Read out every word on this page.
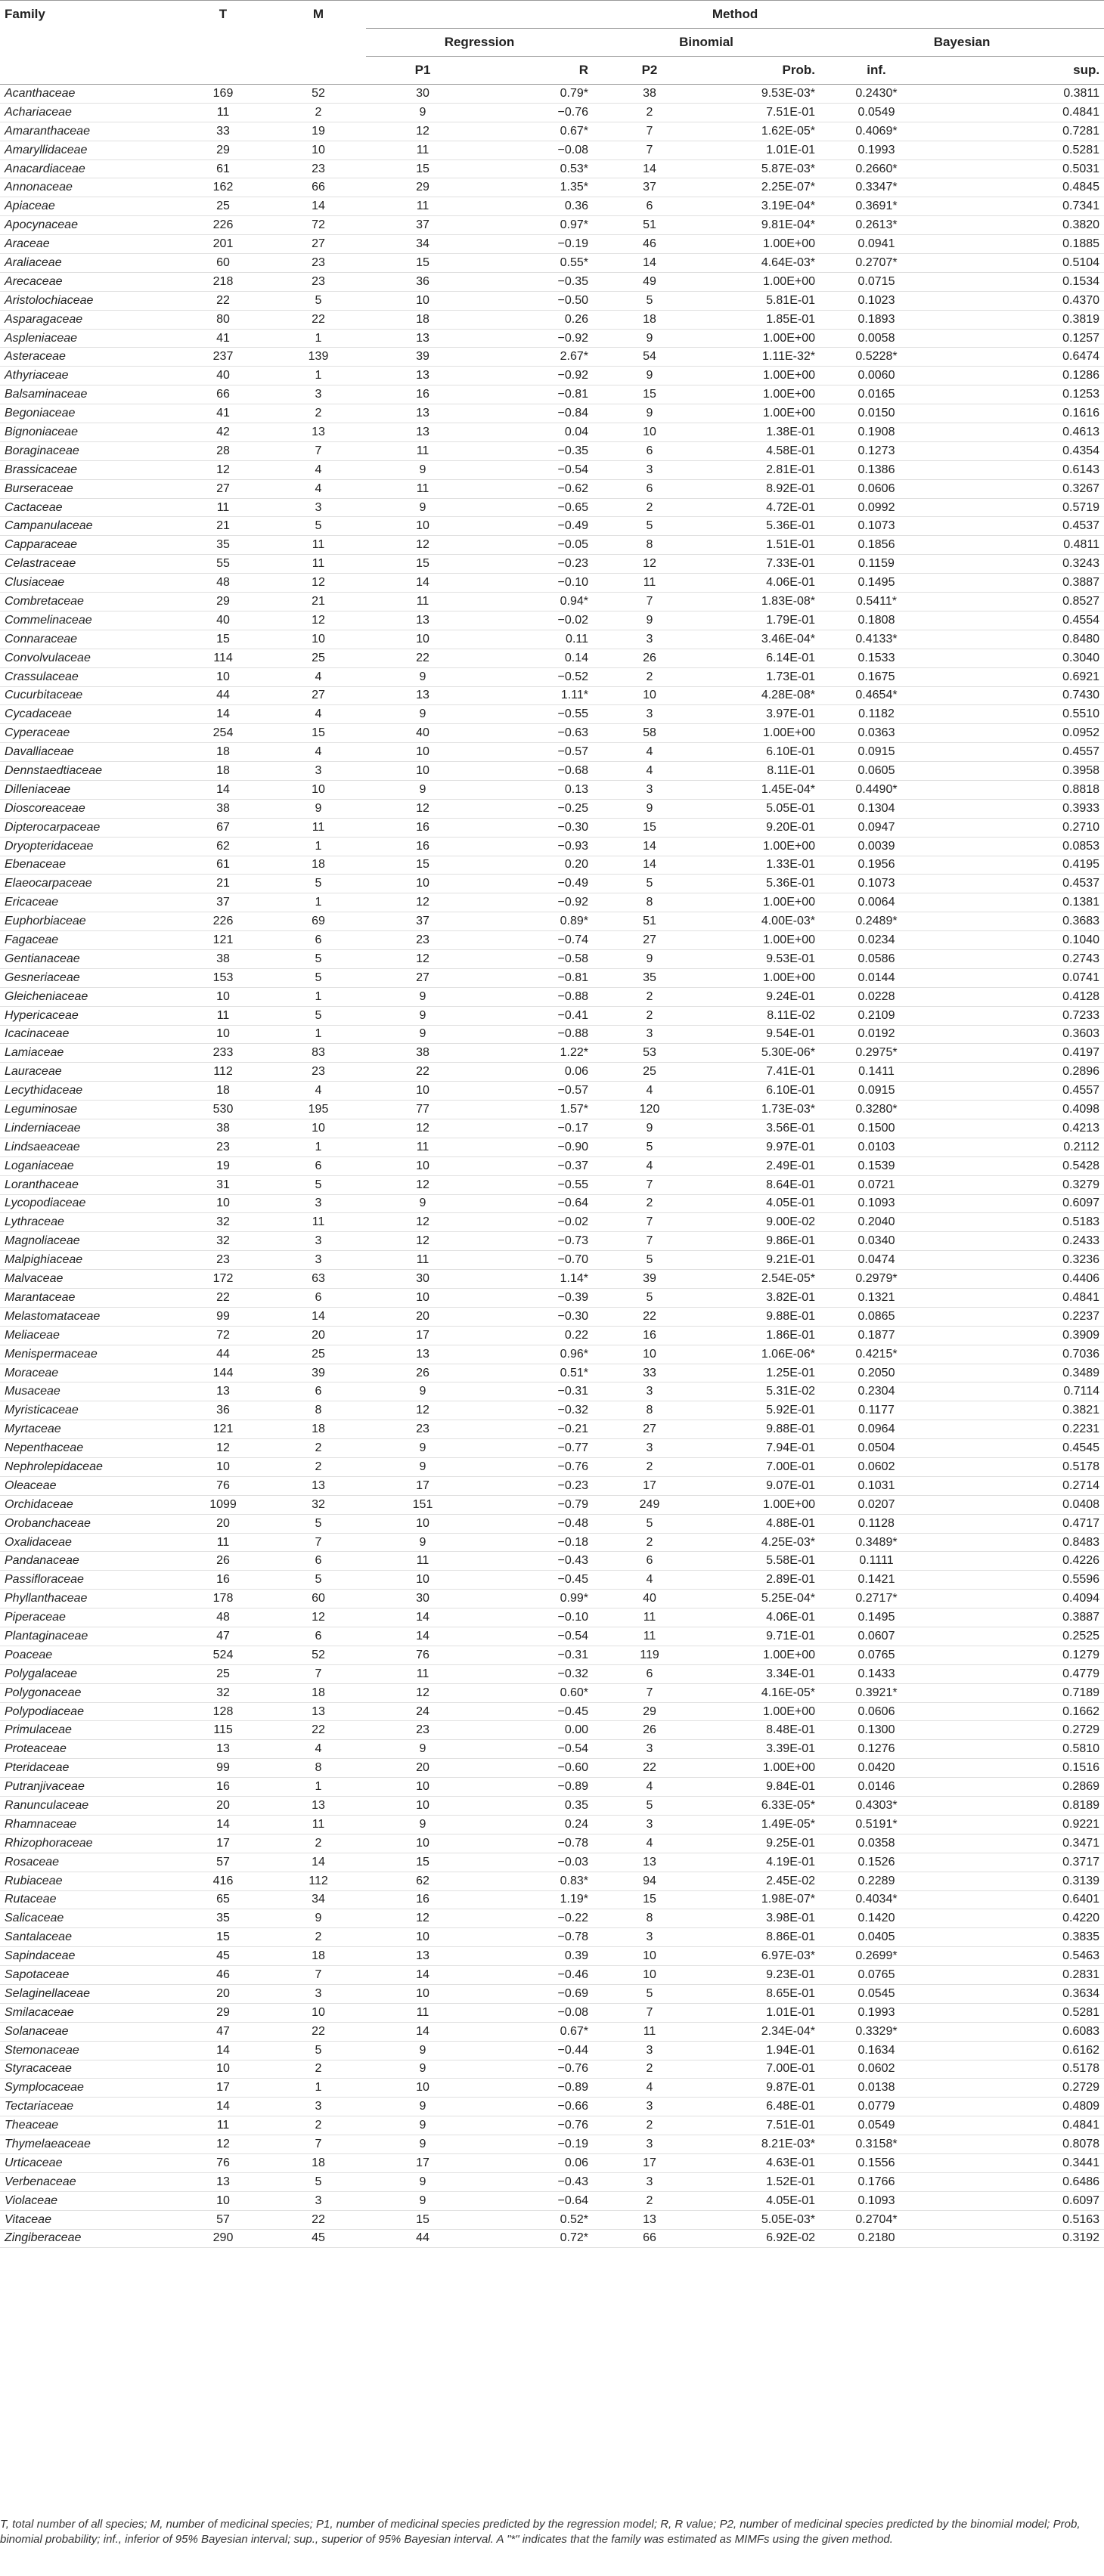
Family	T	M	Method					
			Regression		Binomial		Bayesian	
			P1	R	P2	Prob.	inf.	sup.
Acanthaceae	169	52	30	0.79*	38	9.53E-03*	0.2430*	0.3811
Achariaceae	11	2	9	−0.76	2	7.51E-01	0.0549	0.4841
Amaranthaceae	33	19	12	0.67*	7	1.62E-05*	0.4069*	0.7281
Amaryllidaceae	29	10	11	−0.08	7	1.01E-01	0.1993	0.5281
Anacardiaceae	61	23	15	0.53*	14	5.87E-03*	0.2660*	0.5031
Annonaceae	162	66	29	1.35*	37	2.25E-07*	0.3347*	0.4845
Apiaceae	25	14	11	0.36	6	3.19E-04*	0.3691*	0.7341
Apocynaceae	226	72	37	0.97*	51	9.81E-04*	0.2613*	0.3820
Araceae	201	27	34	−0.19	46	1.00E+00	0.0941	0.1885
Araliaceae	60	23	15	0.55*	14	4.64E-03*	0.2707*	0.5104
Arecaceae	218	23	36	−0.35	49	1.00E+00	0.0715	0.1534
Aristolochiaceae	22	5	10	−0.50	5	5.81E-01	0.1023	0.4370
Asparagaceae	80	22	18	0.26	18	1.85E-01	0.1893	0.3819
Aspleniaceae	41	1	13	−0.92	9	1.00E+00	0.0058	0.1257
Asteraceae	237	139	39	2.67*	54	1.11E-32*	0.5228*	0.6474
Athyriaceae	40	1	13	−0.92	9	1.00E+00	0.0060	0.1286
Balsaminaceae	66	3	16	−0.81	15	1.00E+00	0.0165	0.1253
Begoniaceae	41	2	13	−0.84	9	1.00E+00	0.0150	0.1616
Bignoniaceae	42	13	13	0.04	10	1.38E-01	0.1908	0.4613
Boraginaceae	28	7	11	−0.35	6	4.58E-01	0.1273	0.4354
Brassicaceae	12	4	9	−0.54	3	2.81E-01	0.1386	0.6143
Burseraceae	27	4	11	−0.62	6	8.92E-01	0.0606	0.3267
Cactaceae	11	3	9	−0.65	2	4.72E-01	0.0992	0.5719
Campanulaceae	21	5	10	−0.49	5	5.36E-01	0.1073	0.4537
Capparaceae	35	11	12	−0.05	8	1.51E-01	0.1856	0.4811
Celastraceae	55	11	15	−0.23	12	7.33E-01	0.1159	0.3243
Clusiaceae	48	12	14	−0.10	11	4.06E-01	0.1495	0.3887
Combretaceae	29	21	11	0.94*	7	1.83E-08*	0.5411*	0.8527
Commelinaceae	40	12	13	−0.02	9	1.79E-01	0.1808	0.4554
Connaraceae	15	10	10	0.11	3	3.46E-04*	0.4133*	0.8480
Convolvulaceae	114	25	22	0.14	26	6.14E-01	0.1533	0.3040
Crassulaceae	10	4	9	−0.52	2	1.73E-01	0.1675	0.6921
Cucurbitaceae	44	27	13	1.11*	10	4.28E-08*	0.4654*	0.7430
Cycadaceae	14	4	9	−0.55	3	3.97E-01	0.1182	0.5510
Cyperaceae	254	15	40	−0.63	58	1.00E+00	0.0363	0.0952
Davalliaceae	18	4	10	−0.57	4	6.10E-01	0.0915	0.4557
Dennstaedtiaceae	18	3	10	−0.68	4	8.11E-01	0.0605	0.3958
Dilleniaceae	14	10	9	0.13	3	1.45E-04*	0.4490*	0.8818
Dioscoreaceae	38	9	12	−0.25	9	5.05E-01	0.1304	0.3933
Dipterocarpaceae	67	11	16	−0.30	15	9.20E-01	0.0947	0.2710
Dryopteridaceae	62	1	16	−0.93	14	1.00E+00	0.0039	0.0853
Ebenaceae	61	18	15	0.20	14	1.33E-01	0.1956	0.4195
Elaeocarpaceae	21	5	10	−0.49	5	5.36E-01	0.1073	0.4537
Ericaceae	37	1	12	−0.92	8	1.00E+00	0.0064	0.1381
Euphorbiaceae	226	69	37	0.89*	51	4.00E-03*	0.2489*	0.3683
Fagaceae	121	6	23	−0.74	27	1.00E+00	0.0234	0.1040
Gentianaceae	38	5	12	−0.58	9	9.53E-01	0.0586	0.2743
Gesneriaceae	153	5	27	−0.81	35	1.00E+00	0.0144	0.0741
Gleicheniaceae	10	1	9	−0.88	2	9.24E-01	0.0228	0.4128
Hypericaceae	11	5	9	−0.41	2	8.11E-02	0.2109	0.7233
Icacinaceae	10	1	9	−0.88	3	9.54E-01	0.0192	0.3603
Lamiaceae	233	83	38	1.22*	53	5.30E-06*	0.2975*	0.4197
Lauraceae	112	23	22	0.06	25	7.41E-01	0.1411	0.2896
Lecythidaceae	18	4	10	−0.57	4	6.10E-01	0.0915	0.4557
Leguminosae	530	195	77	1.57*	120	1.73E-03*	0.3280*	0.4098
Linderniaceae	38	10	12	−0.17	9	3.56E-01	0.1500	0.4213
Lindsaeaceae	23	1	11	−0.90	5	9.97E-01	0.0103	0.2112
Loganiaceae	19	6	10	−0.37	4	2.49E-01	0.1539	0.5428
Loranthaceae	31	5	12	−0.55	7	8.64E-01	0.0721	0.3279
Lycopodiaceae	10	3	9	−0.64	2	4.05E-01	0.1093	0.6097
Lythraceae	32	11	12	−0.02	7	9.00E-02	0.2040	0.5183
Magnoliaceae	32	3	12	−0.73	7	9.86E-01	0.0340	0.2433
Malpighiaceae	23	3	11	−0.70	5	9.21E-01	0.0474	0.3236
Malvaceae	172	63	30	1.14*	39	2.54E-05*	0.2979*	0.4406
Marantaceae	22	6	10	−0.39	5	3.82E-01	0.1321	0.4841
Melastomataceae	99	14	20	−0.30	22	9.88E-01	0.0865	0.2237
Meliaceae	72	20	17	0.22	16	1.86E-01	0.1877	0.3909
Menispermaceae	44	25	13	0.96*	10	1.06E-06*	0.4215*	0.7036
Moraceae	144	39	26	0.51*	33	1.25E-01	0.2050	0.3489
Musaceae	13	6	9	−0.31	3	5.31E-02	0.2304	0.7114
Myristicaceae	36	8	12	−0.32	8	5.92E-01	0.1177	0.3821
Myrtaceae	121	18	23	−0.21	27	9.88E-01	0.0964	0.2231
Nepenthaceae	12	2	9	−0.77	3	7.94E-01	0.0504	0.4545
Nephrolepidaceae	10	2	9	−0.76	2	7.00E-01	0.0602	0.5178
Oleaceae	76	13	17	−0.23	17	9.07E-01	0.1031	0.2714
Orchidaceae	1099	32	151	−0.79	249	1.00E+00	0.0207	0.0408
Orobanchaceae	20	5	10	−0.48	5	4.88E-01	0.1128	0.4717
Oxalidaceae	11	7	9	−0.18	2	4.25E-03*	0.3489*	0.8483
Pandanaceae	26	6	11	−0.43	6	5.58E-01	0.1111	0.4226
Passifloraceae	16	5	10	−0.45	4	2.89E-01	0.1421	0.5596
Phyllanthaceae	178	60	30	0.99*	40	5.25E-04*	0.2717*	0.4094
Piperaceae	48	12	14	−0.10	11	4.06E-01	0.1495	0.3887
Plantaginaceae	47	6	14	−0.54	11	9.71E-01	0.0607	0.2525
Poaceae	524	52	76	−0.31	119	1.00E+00	0.0765	0.1279
Polygalaceae	25	7	11	−0.32	6	3.34E-01	0.1433	0.4779
Polygonaceae	32	18	12	0.60*	7	4.16E-05*	0.3921*	0.7189
Polypodiaceae	128	13	24	−0.45	29	1.00E+00	0.0606	0.1662
Primulaceae	115	22	23	0.00	26	8.48E-01	0.1300	0.2729
Proteaceae	13	4	9	−0.54	3	3.39E-01	0.1276	0.5810
Pteridaceae	99	8	20	−0.60	22	1.00E+00	0.0420	0.1516
Putranjivaceae	16	1	10	−0.89	4	9.84E-01	0.0146	0.2869
Ranunculaceae	20	13	10	0.35	5	6.33E-05*	0.4303*	0.8189
Rhamnaceae	14	11	9	0.24	3	1.49E-05*	0.5191*	0.9221
Rhizophoraceae	17	2	10	−0.78	4	9.25E-01	0.0358	0.3471
Rosaceae	57	14	15	−0.03	13	4.19E-01	0.1526	0.3717
Rubiaceae	416	112	62	0.83*	94	2.45E-02	0.2289	0.3139
Rutaceae	65	34	16	1.19*	15	1.98E-07*	0.4034*	0.6401
Salicaceae	35	9	12	−0.22	8	3.98E-01	0.1420	0.4220
Santalaceae	15	2	10	−0.78	3	8.86E-01	0.0405	0.3835
Sapindaceae	45	18	13	0.39	10	6.97E-03*	0.2699*	0.5463
Sapotaceae	46	7	14	−0.46	10	9.23E-01	0.0765	0.2831
Selaginellaceae	20	3	10	−0.69	5	8.65E-01	0.0545	0.3634
Smilacaceae	29	10	11	−0.08	7	1.01E-01	0.1993	0.5281
Solanaceae	47	22	14	0.67*	11	2.34E-04*	0.3329*	0.6083
Stemonaceae	14	5	9	−0.44	3	1.94E-01	0.1634	0.6162
Styracaceae	10	2	9	−0.76	2	7.00E-01	0.0602	0.5178
Symplocaceae	17	1	10	−0.89	4	9.87E-01	0.0138	0.2729
Tectariaceae	14	3	9	−0.66	3	6.48E-01	0.0779	0.4809
Theaceae	11	2	9	−0.76	2	7.51E-01	0.0549	0.4841
Thymelaeaceae	12	7	9	−0.19	3	8.21E-03*	0.3158*	0.8078
Urticaceae	76	18	17	0.06	17	4.63E-01	0.1556	0.3441
Verbenaceae	13	5	9	−0.43	3	1.52E-01	0.1766	0.6486
Violaceae	10	3	9	−0.64	2	4.05E-01	0.1093	0.6097
Vitaceae	57	22	15	0.52*	13	5.05E-03*	0.2704*	0.5163
Zingiberaceae	290	45	44	0.72*	66	6.92E-02	0.2180	0.3192
T, total number of all species; M, number of medicinal species; P1, number of medicinal species predicted by the regression model; R, R value; P2, number of medicinal species predicted by the binomial model; Prob, binomial probability; inf., inferior of 95% Bayesian interval; sup., superior of 95% Bayesian interval. A "*" indicates that the family was estimated as MIMFs using the given method.
